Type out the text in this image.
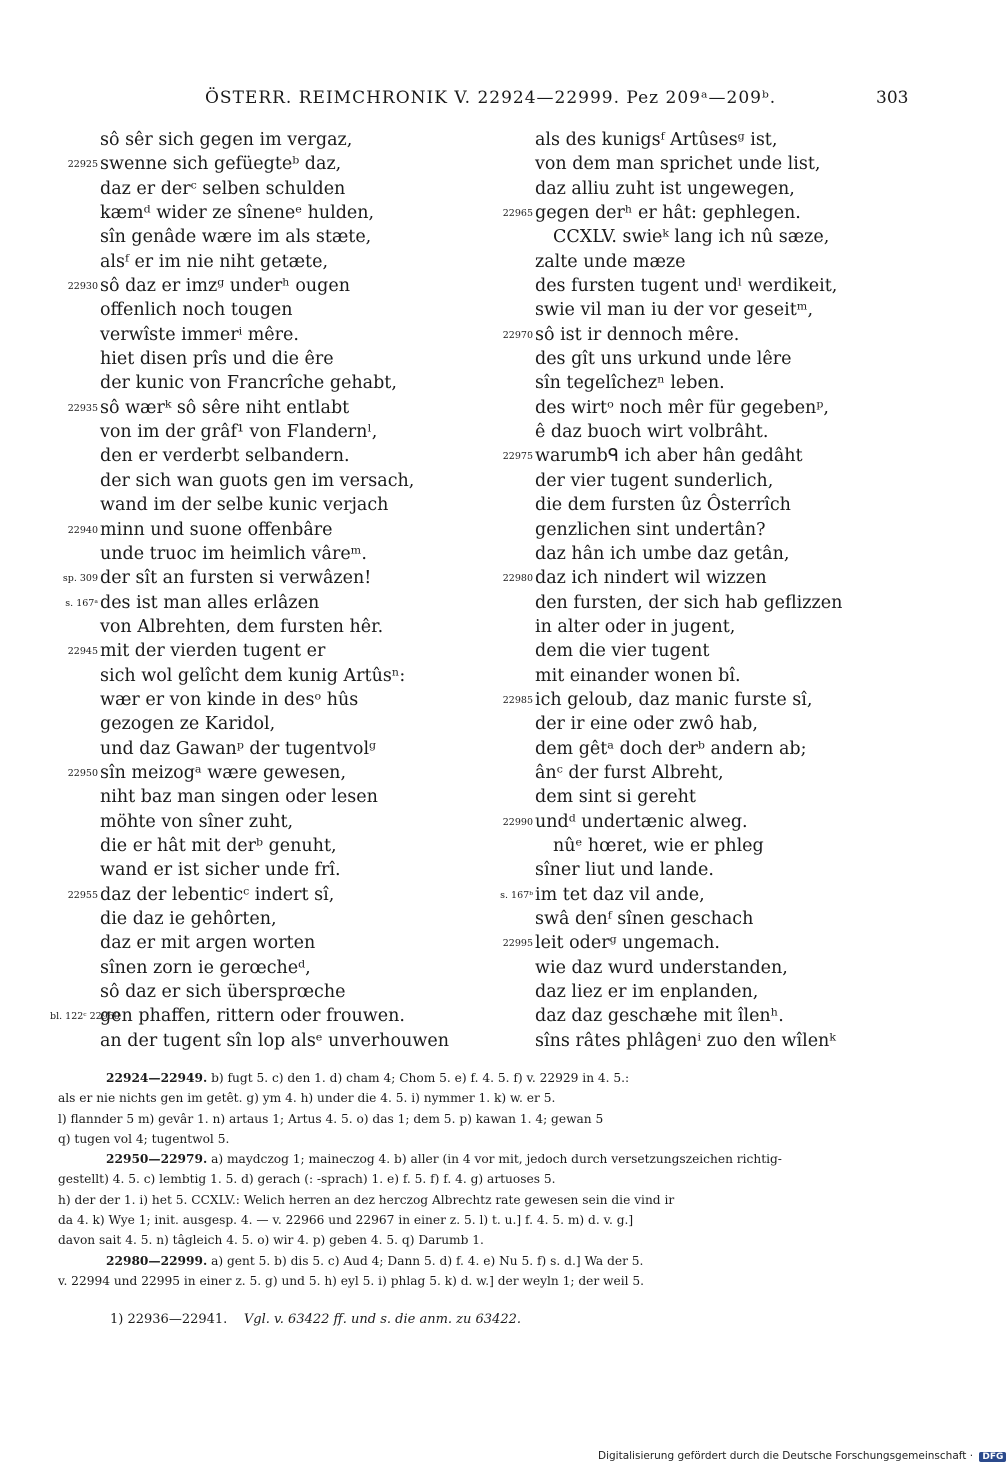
ÖSTERR. REIMCHRONIK V. 22924—22999. Pez 209ᵃ—209ᵇ.	303
sô sêr sich gegen im vergaz,
22925 swenne sich gefüegteᵇ daz,
daz er derᶜ selben schulden
kæmᵈ wider ze sîneneᵉ hulden,
sîn genâde wære im als stæte,
alsᶠ er im nie niht getæte,
22930 sô daz er imzᵍ underʰ ougen
offenlich noch tougen
verwîste immerⁱ mêre.
hiet disen prîs und die êre
der kunic von Francrîche gehabt,
22935 sô wærᵏ sô sêre niht entlabt
von im der grâf¹ von Flandernˡ,
den er verderbt selbandern.
der sich wan guots gen im versach,
wand im der selbe kunic verjach
22940 minn und suone offenbâre
unde truoc im heimlich vâreᵐ.
sp. 309 der sît an fursten si verwâzen!
s. 167ᵃ des ist man alles erlâzen
von Albrehten, dem fursten hêr.
22945 mit der vierden tugent er
sich wol gelîcht dem kunig Artûsⁿ:
wær er von kinde in desᵒ hûs
gezogen ze Karidol,
und daz Gawanᵖ der tugentvolᵍ
22950 sîn meizogᵃ wære gewesen,
niht baz man singen oder lesen
möhte von sîner zuht,
die er hât mit derᵇ genuht,
wand er ist sicher unde frî.
22955 daz der lebenticᶜ indert sî,
die daz ie gehôrten,
daz er mit argen worten
sînen zorn ie gerœcheᵈ,
sô daz er sich übersprœche
bl. 122ᶜ 22960
gen phaffen, rittern oder frouwen.
an der tugent sîn lop alsᵉ unverhouwen
als des kunigsᶠ Artûsesᵍ ist,
von dem man sprichet unde list,
daz alliu zuht ist ungewegen,
22965 gegen derʰ er hât: gephlegen.
CCXLV. swieᵏ lang ich nû sæze,
zalte unde mæze
des fursten tugent undˡ werdikeit,
swie vil man iu der vor geseitᵐ,
22970 sô ist ir dennoch mêre.
des gît uns urkund unde lêre
sîn tegelîchezⁿ leben.
des wirtᵒ noch mêr für gegebenᵖ,
ê daz buoch wirt volbrâht.
22975 warumbᑫ ich aber hân gedâht
der vier tugent sunderlich,
die dem fursten ûz Ôsterrîch
genzlichen sint undertân?
daz hân ich umbe daz getân,
22980 daz ich nindert wil wizzen
den fursten, der sich hab geflizzen
in alter oder in jugent,
dem die vier tugent
mit einander wonen bî.
22985 ich geloub, daz manic furste sî,
der ir eine oder zwô hab,
dem gêtᵃ doch derᵇ andern ab;
ânᶜ der furst Albreht,
dem sint si gereht
22990 undᵈ undertænic alweg.
nûᵉ hœret, wie er phleg
sîner liut und lande.
s. 167ᵇ im tet daz vil ande,
swâ denᶠ sînen geschach
22995 leit oderᵍ ungemach.
wie daz wurd understanden,
daz liez er im enplanden,
daz daz geschæhe mit îlenʰ.
sîns râtes phlâgenⁱ zuo den wîlenᵏ
22924—22949. b) fugt 5. c) den 1. d) cham 4; Chom 5. e) f. 4. 5. f) v. 22929 in 4. 5.:
als er nie nichts gen im getêt. g) ym 4. h) under die 4. 5. i) nymmer 1. k) w. er 5.
l) flannder 5 m) gevâr 1. n) artaus 1; Artus 4. 5. o) das 1; dem 5. p) kawan 1. 4; gewan 5
q) tugen vol 4; tugentwol 5.
22950—22979. a) maydczog 1; maineczog 4. b) aller (in 4 vor mit, jedoch durch versetzungszeichen richtig-
gestellt) 4. 5. c) lembtig 1. 5. d) gerach (: -sprach) 1. e) f. 5. f) f. 4. g) artuoses 5.
h) der der 1. i) het 5. CCXLV.: Welich herren an dez herczog Albrechtz rate gewesen sein die vind ir
da 4. k) Wye 1; init. ausgesp. 4. — v. 22966 und 22967 in einer z. 5. l) t. u.] f. 4. 5. m) d. v. g.]
davon sait 4. 5. n) tâgleich 4. 5. o) wir 4. p) geben 4. 5. q) Darumb 1.
22980—22999. a) gent 5. b) dis 5. c) Aud 4; Dann 5. d) f. 4. e) Nu 5. f) s. d.] Wa der 5.
v. 22994 und 22995 in einer z. 5. g) und 5. h) eyl 5. i) phlag 5. k) d. w.] der weyln 1; der weil 5.
1) 22936—22941. Vgl. v. 63422 ff. und s. die anm. zu 63422.
Digitalisierung gefördert durch die Deutsche Forschungsgemeinschaft · DFG
